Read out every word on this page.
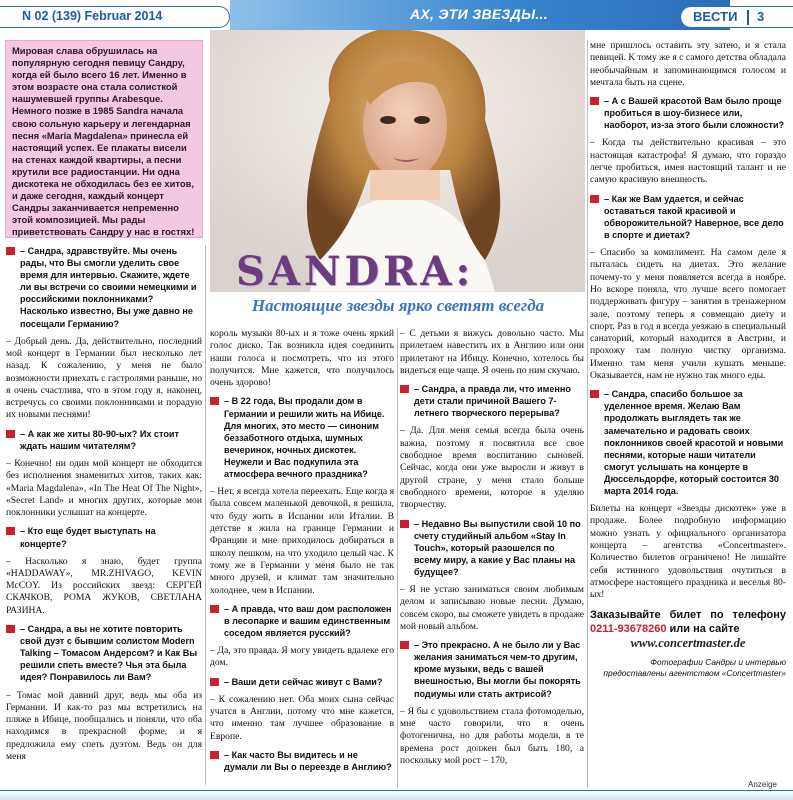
N 02 (139) Februar 2014	АХ, ЭТИ ЗВЕЗДЫ...	ВЕСТИ 3

Мировая слава обрушилась на популярную сегодня певицу Сандру, когда ей было всего 16 лет. Именно в этом возрасте она стала солисткой нашумевшей группы Arabesque. Немного позже в 1985 Sandra начала свою сольную карьеру и легендарная песня «Maria Magdalena» принесла ей настоящий успех. Ее плакаты висели на стенах каждой квартиры, а песни крутили все радиостанции. Ни одна дискотека не обходилась без ее хитов, и даже сегодня, каждый концерт Сандры заканчивается непременно этой композицией. Мы рады приветствовать Сандру у нас в гостях!

SANDRA:
Настоящие звезды ярко светят всегда

– Сандра, здравствуйте. Мы очень рады, что Вы смогли уделить свое время для интервью. Скажите, ждете ли вы встречи со своими немецкими и российскими поклонниками? Насколько известно, Вы уже давно не посещали Германию?

– Добрый день. Да, действительно, последний мой концерт в Германии был несколько лет назад. К сожалению, у меня не было возможности приехать с гастролями раньше, но я очень счастлива, что в этом году я, наконец, встречусь со своими поклонниками и порадую их новыми песнями!

– А как же хиты 80-90-ых? Их стоит ждать нашим читателям?

– Конечно! ни один мой концерт не обходится без исполнения знаменитых хитов, таких как: «Maria Magdalena», «In The Heat Of The Night», «Secret Land» и многих других, которые мои поклонники услышат на концерте.

– Кто еще будет выступать на концерте?

– Насколько я знаю, будет группа «HADDAWAY», MR.ZHIVAGO, KEVIN McCOY. Из российских звезд: СЕРГЕЙ СКАЧКОВ, РОМА ЖУКОВ, СВЕТЛАНА РАЗИНА.

– Сандра, а вы не хотите повторить свой дуэт с бывшим солистом Modern Talking – Томасом Андерсом? и Как Вы решили спеть вместе? Чья эта была идея? Понравилось ли Вам?

– Томас мой давний друг, ведь мы оба из Германии. И как-то раз мы встретились на пляже в Ибице, пообщались и поняли, что оба находимся в прекрасной форме, и я предложила ему спеть дуэтом. Ведь он для меня

король музыки 80-ых и я тоже очень яркий голос диско. Так возникла идея соединить наши голоса и посмотреть, что из этого получится. Мне кажется, что получилось очень здорово!

– В 22 года, Вы продали дом в Германии и решили жить на Ибице. Для многих, это место — синоним беззаботного отдыха, шумных вечеринок, ночных дискотек. Неужели и Вас подкупила эта атмосфера вечного праздника?

– Нет, я всегда хотела переехать. Еще когда я была совсем маленькой девочкой, я решила, что буду жить в Испании или Италии. В детстве я жила на границе Германии и Франции и мне приходилось добираться в школу пешком, на что уходило целый час. К тому же в Германии у меня было не так много друзей, и климат там значительно холоднее, чем в Испании.

– А правда, что ваш дом расположен в лесопарке и вашим единственным соседом является русский?

– Да, это правда. Я могу увидеть вдалеке его дом.

– Ваши дети сейчас живут с Вами?

– К сожалению нет. Оба моих сына сейчас учатся в Англии, потому что мне кажется, что именно там лучшее образование в Европе.

– Как часто Вы видитесь и не думали ли Вы о переезде в Англию?

– С детьми я вижусь довольно часто. Мы прилетаем навестить их в Англию или они прилетают на Ибицу. Конечно, хотелось бы видеться еще чаще. Я очень по ним скучаю.

– Сандра, а правда ли, что именно дети стали причиной Вашего 7-летнего творческого перерыва?

– Да. Для меня семья всегда была очень важна, поэтому я посвятила все свое свободное время воспитанию сыновей. Сейчас, когда они уже выросли и живут в другой стране, у меня стало больше свободного времени, которое я уделяю творчеству.

– Недавно Вы выпустили свой 10 по счету студийный альбом «Stay In Touch», который разошелся по всему миру, а какие у Вас планы на будущее?

– Я не устаю заниматься своим любимым делом и записываю новые песни. Думаю, совсем скоро, вы сможете увидеть в продаже мой новый альбом.

– Это прекрасно. А не было ли у Вас желания заниматься чем-то другим, кроме музыки, ведь с вашей внешностью, Вы могли бы покорять подиумы или стать актрисой?

– Я бы с удовольствием стала фотомоделью, мне часто говорили, что я очень фотогенична, но для работы модели, в те времена рост должен был быть 180, а поскольку мой рост – 170,

мне пришлось оставить эту затею, и я стала певицей. К тому же я с самого детства обладала необычайным и запоминающимся голосом и мечтала быть на сцене.

– А с Вашей красотой Вам было проще пробиться в шоу-бизнесе или, наоборот, из-за этого были сложности?

– Когда ты действительно красивая – это настоящая катастрофа! Я думаю, что гораздо легче пробиться, имея настоящий талант и не самую красивую внешность.

– Как же Вам удается, и сейчас оставаться такой красивой и обворожительной? Наверное, все дело в спорте и диетах?

– Спасибо за комплимент. На самом деле я пыталась сидеть на диетах. Это желание почему-то у меня появляется всегда в ноябре. Но вскоре поняла, что лучше всего помогает поддерживать фигуру – занятия в тренажерном зале, поэтому теперь я совмещаю диету и спорт. Раз в год я всегда уезжаю в специальный санаторий, который находится в Австрии, и прохожу там полную чистку организма. Именно там меня учили кушать меньше. Оказывается, нам не нужно так много еды.

– Сандра, спасибо большое за уделенное время. Желаю Вам продолжать выглядеть так же замечательно и радовать своих поклонников своей красотой и новыми песнями, которые наши читатели смогут услышать на концерте в Дюссельдорфе, который состоится 30 марта 2014 года.

Билеты на концерт «Звезды дискотек» уже в продаже. Более подробную информацию можно узнать у официального организатора концерта – агентства «Concertmaster». Количество билетов ограничено! Не лишайте себя истинного удовольствия очутиться в атмосфере настоящего праздника и веселья 80-ых!

Заказывайте билет по телефону 0211-93678260 или на сайте
www.concertmaster.de

Фотографии Сандры и интервью предоставлены агентством «Concertmaster»

Anzeige
